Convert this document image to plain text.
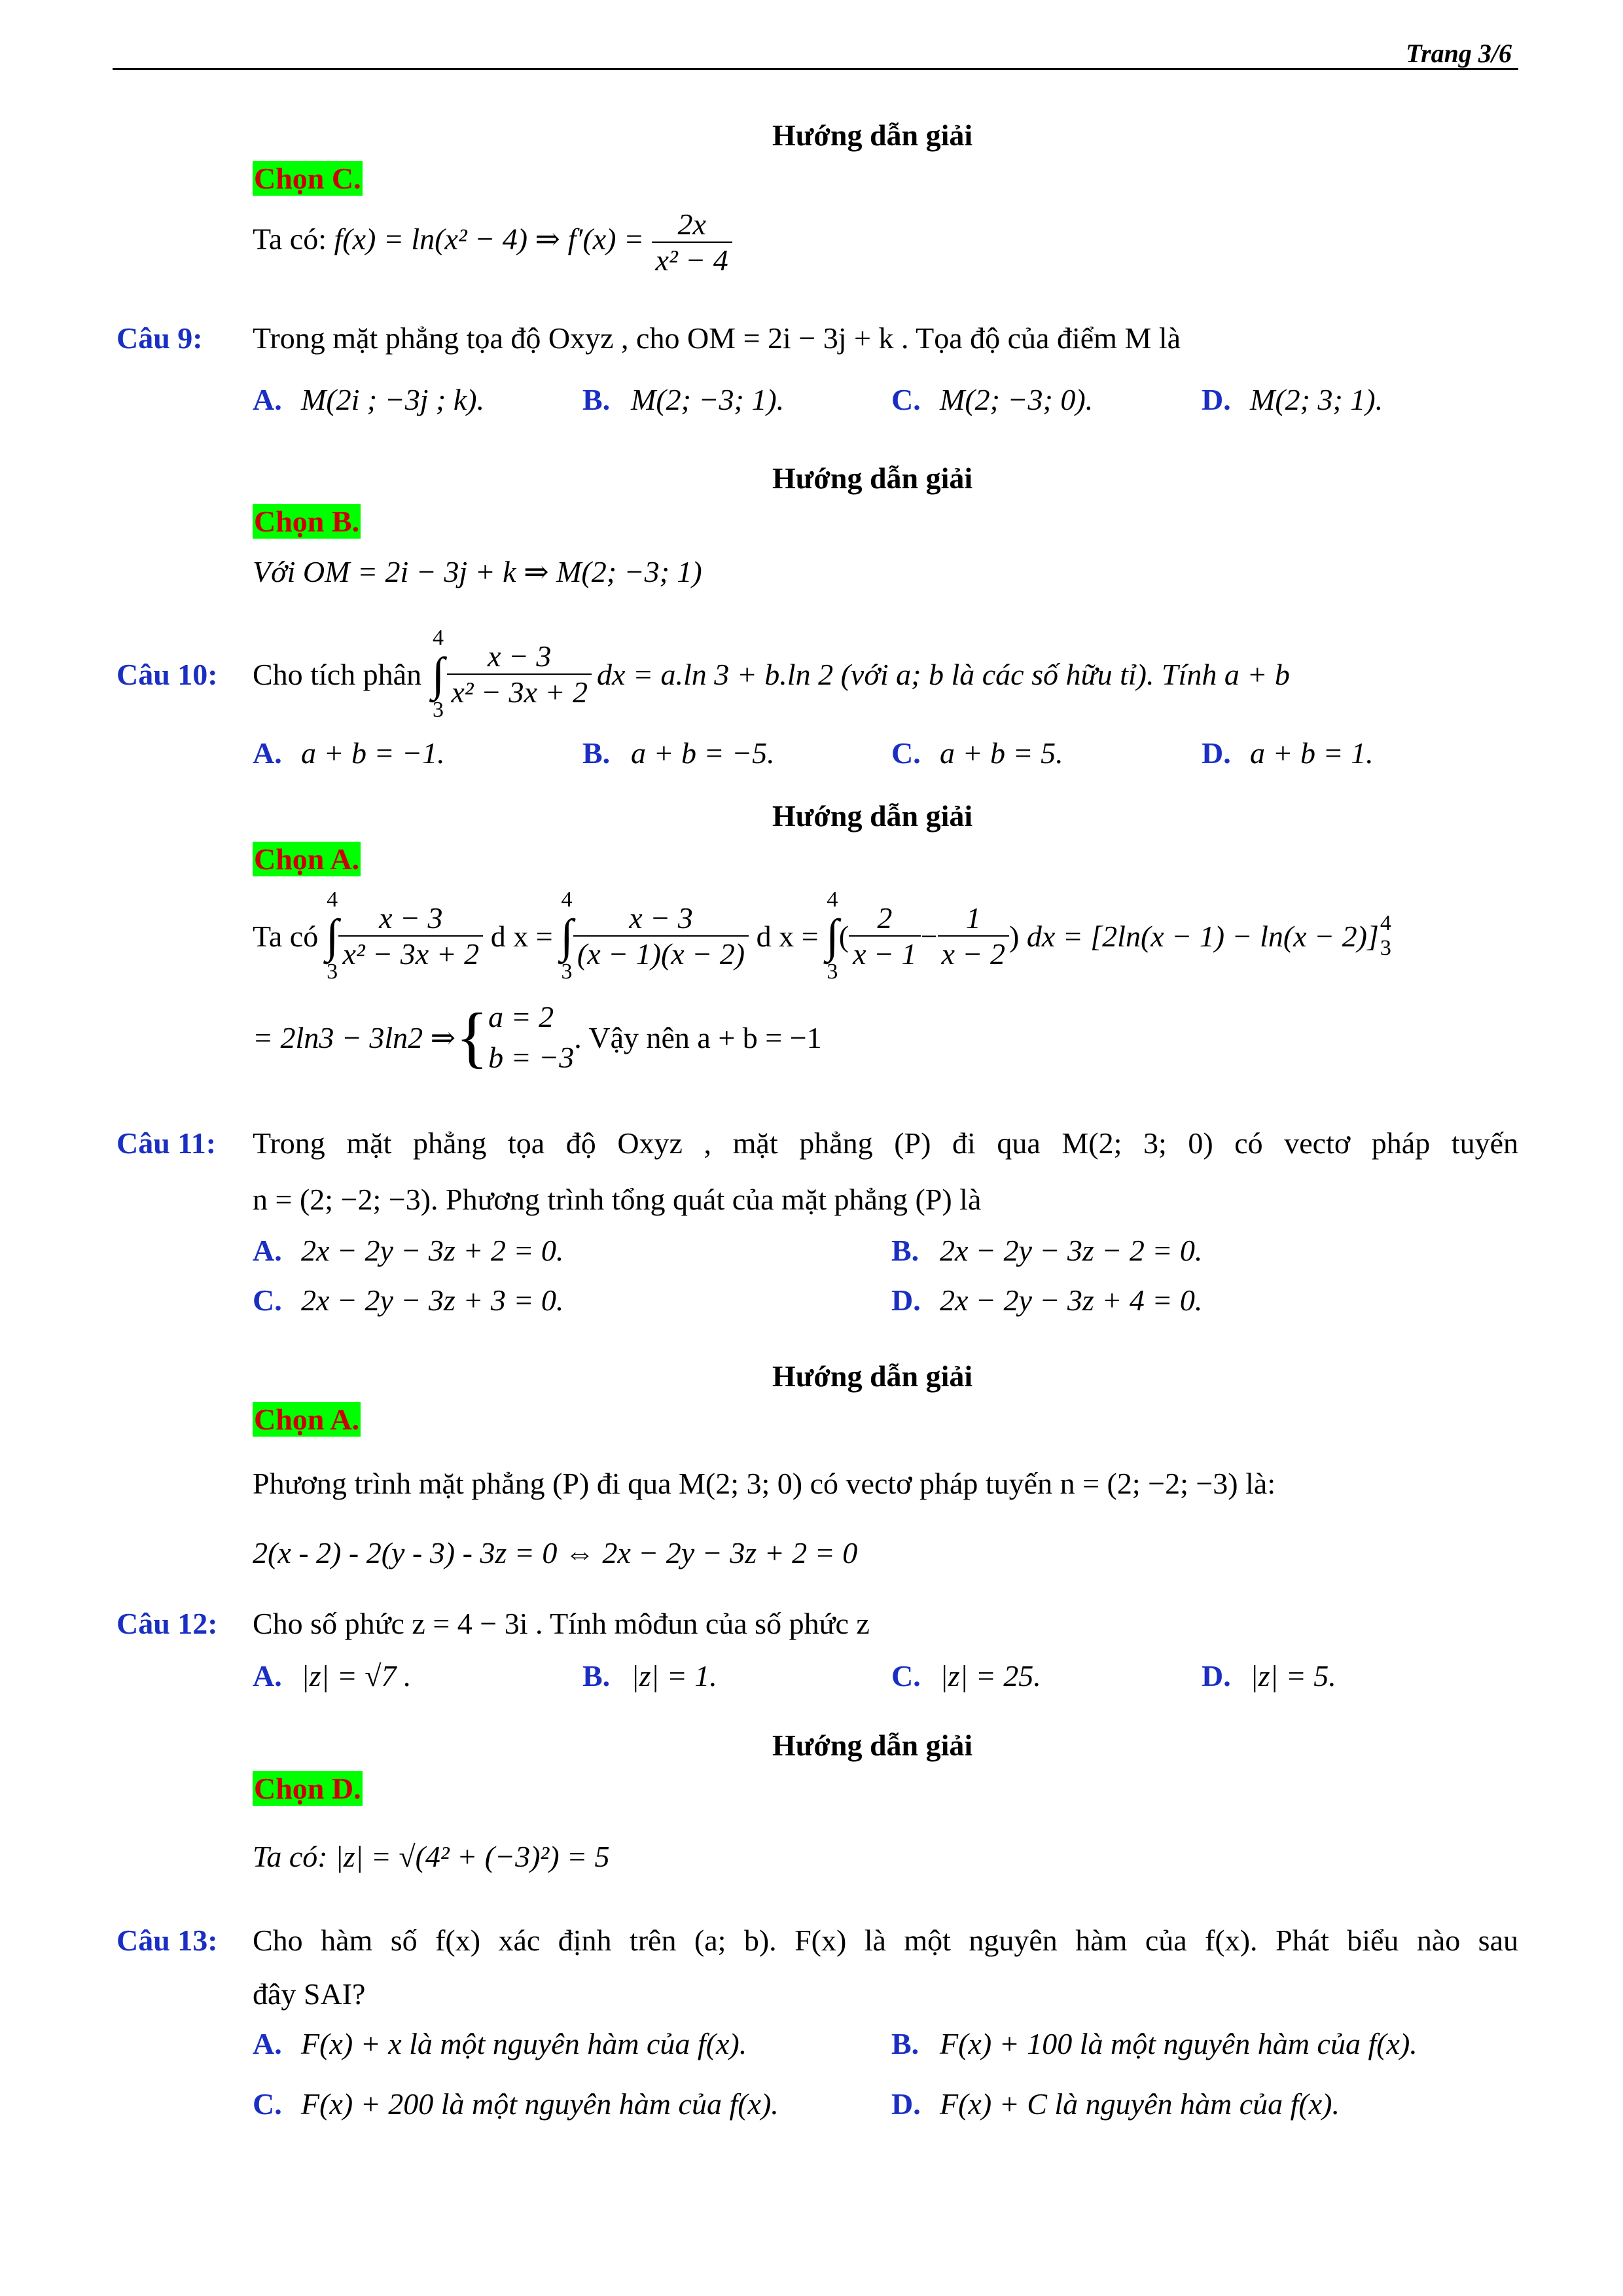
Trang 3/6
Hướng dẫn giải
Chọn C.
Ta có: f(x) = ln(x² − 4) ⇒ $f'(x) = \frac{2x}{\text{x² − 4}}$
Câu 9: Trong mặt phẳng tọa độ Oxyz , cho OM = 2i − 3j + k . Tọa độ của điểm M là
A. M(2i ; −3j ; k).	B. M(2; −3; 1).	C. M(2; −3; 0).	D. M(2; 3; 1).
Hướng dẫn giải
Chọn B.
Với OM = 2i − 3j + k ⇒ M(2; −3; 1)
Câu 10: Cho tích phân

4
∫
3
$\frac{x - 3}{\text{x² − 3x + 2}}$ dx = a.ln 3 + b.ln 2 (với a; b là các số hữu tỉ). Tính a + b
A. a + b = −1.	B. a + b = −5.	C. a + b = 5.	D. a + b = 1.
Hướng dẫn giải
Chọn A.
Ta có

4
∫
3
$\frac{x - 3}{\text{x² − 3x + 2}}$ d x =
4
∫
3
$\frac{x - 3}{(x - 1)(x - 2)}$ d x =
4
∫
3
( $\frac{2}{x - 1} - \frac{1}{x - 2}$ ) dx = [2ln(x − 1) − ln(x − 2)] 4
3
= 2ln3 − 3ln2 ⇒ { a = 2
b = −3
. Vậy nên a + b = −1
Câu 11: Trong mặt phẳng tọa độ Oxyz , mặt phẳng (P) đi qua M(2; 3; 0) có vectơ pháp tuyến
n = (2; −2; −3). Phương trình tổng quát của mặt phẳng (P) là
A. 2x − 2y − 3z + 2 = 0.	B. 2x − 2y − 3z − 2 = 0.
C. 2x − 2y − 3z + 3 = 0.	D. 2x − 2y − 3z + 4 = 0.
Hướng dẫn giải
Chọn A.
Phương trình mặt phẳng (P) đi qua M(2; 3; 0) có vectơ pháp tuyến n = (2; −2; −3) là:
2(x - 2) - 2(y - 3) - 3z = 0 ⇔ 2x − 2y − 3z + 2 = 0
Câu 12: Cho số phức z = 4 − 3i . Tính môđun của số phức z
A. |z| = √7 .	B. |z| = 1.	C. |z| = 25.	D. |z| = 5.
Hướng dẫn giải
Chọn D.
Ta có: |z| = √(4² + (−3)²) = 5
Câu 13: Cho hàm số f(x) xác định trên (a; b). F(x) là một nguyên hàm của f(x). Phát biểu nào sau
đây SAI?
A. F(x) + x là một nguyên hàm của f(x).	B. F(x) + 100 là một nguyên hàm của f(x).
C. F(x) + 200 là một nguyên hàm của f(x).	D. F(x) + C là nguyên hàm của f(x).
